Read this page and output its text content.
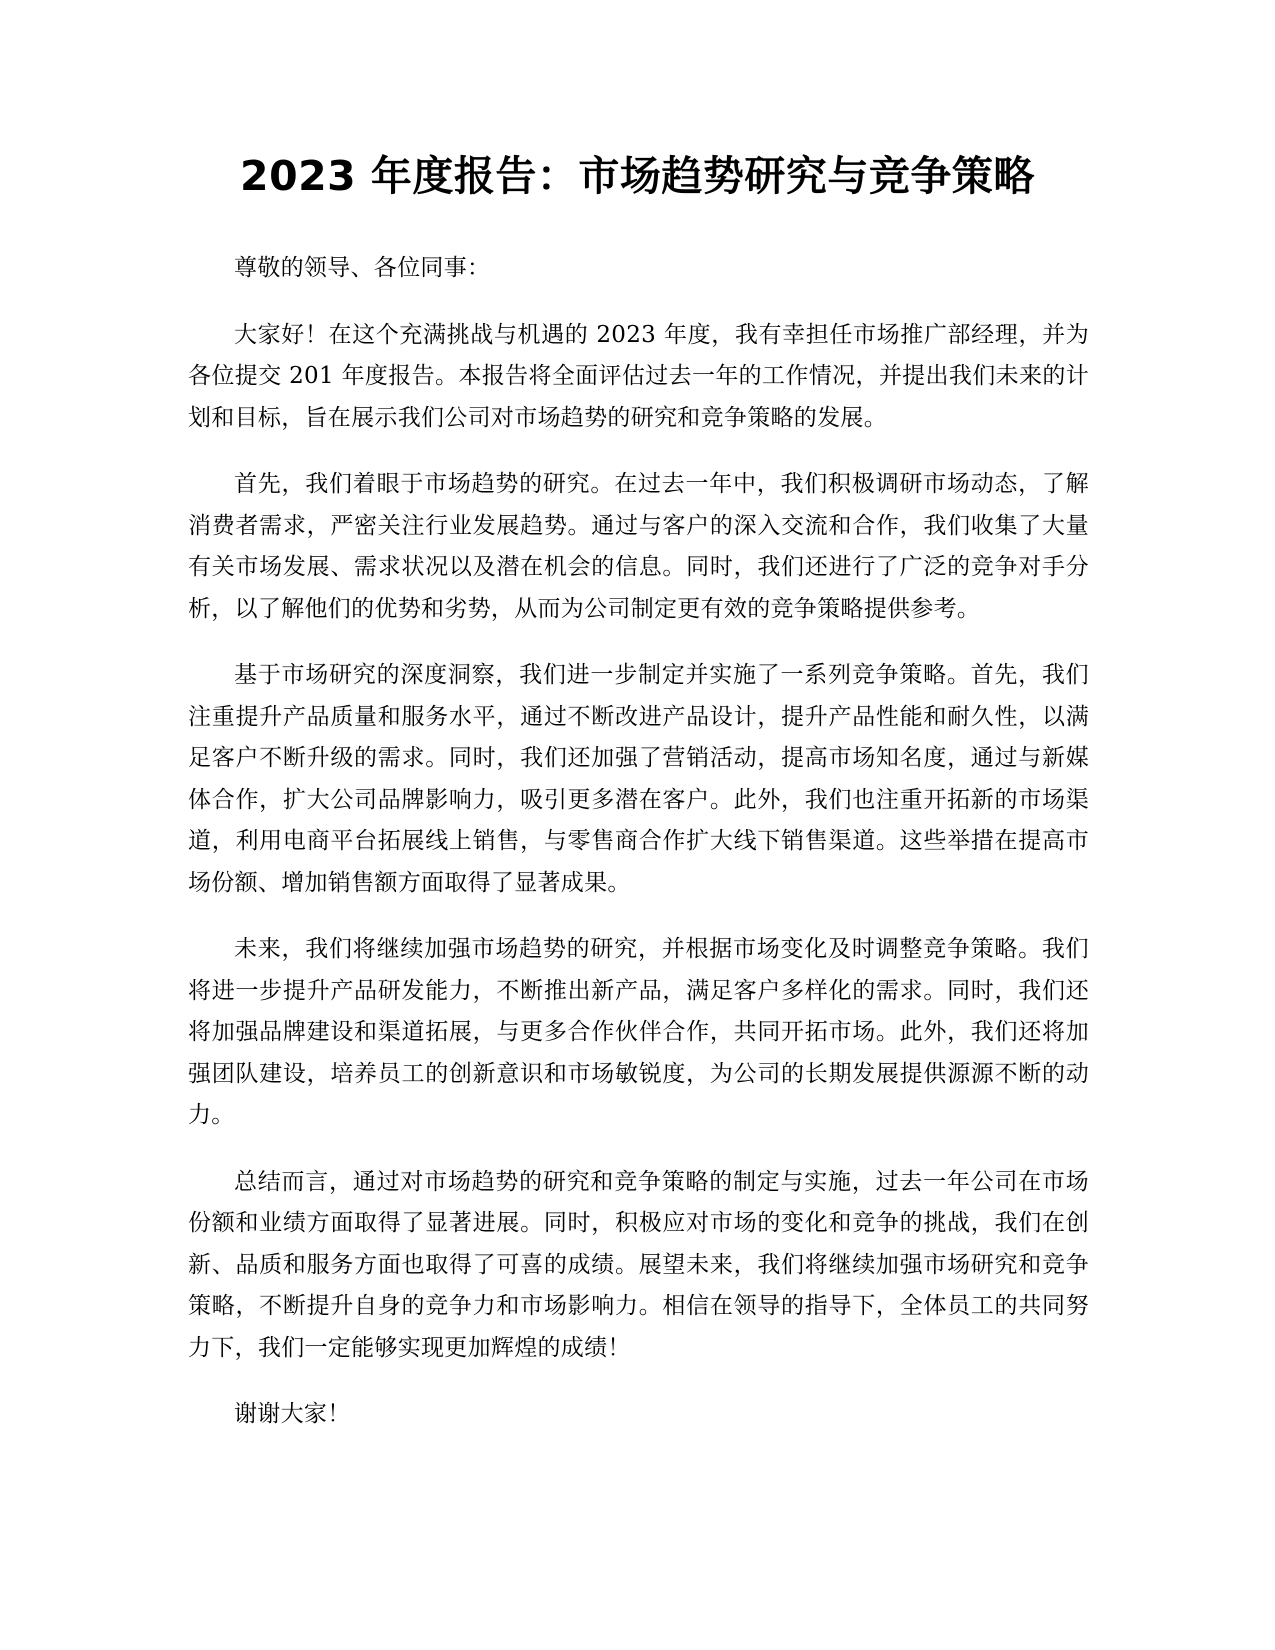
2023 年度报告：市场趋势研究与竞争策略

尊敬的领导、各位同事：

大家好！在这个充满挑战与机遇的 2023 年度，我有幸担任市场推广部经理，并为各位提交 201 年度报告。本报告将全面评估过去一年的工作情况，并提出我们未来的计划和目标，旨在展示我们公司对市场趋势的研究和竞争策略的发展。

首先，我们着眼于市场趋势的研究。在过去一年中，我们积极调研市场动态，了解消费者需求，严密关注行业发展趋势。通过与客户的深入交流和合作，我们收集了大量有关市场发展、需求状况以及潜在机会的信息。同时，我们还进行了广泛的竞争对手分析，以了解他们的优势和劣势，从而为公司制定更有效的竞争策略提供参考。

基于市场研究的深度洞察，我们进一步制定并实施了一系列竞争策略。首先，我们注重提升产品质量和服务水平，通过不断改进产品设计，提升产品性能和耐久性，以满足客户不断升级的需求。同时，我们还加强了营销活动，提高市场知名度，通过与新媒体合作，扩大公司品牌影响力，吸引更多潜在客户。此外，我们也注重开拓新的市场渠道，利用电商平台拓展线上销售，与零售商合作扩大线下销售渠道。这些举措在提高市场份额、增加销售额方面取得了显著成果。

未来，我们将继续加强市场趋势的研究，并根据市场变化及时调整竞争策略。我们将进一步提升产品研发能力，不断推出新产品，满足客户多样化的需求。同时，我们还将加强品牌建设和渠道拓展，与更多合作伙伴合作，共同开拓市场。此外，我们还将加强团队建设，培养员工的创新意识和市场敏锐度，为公司的长期发展提供源源不断的动力。

总结而言，通过对市场趋势的研究和竞争策略的制定与实施，过去一年公司在市场份额和业绩方面取得了显著进展。同时，积极应对市场的变化和竞争的挑战，我们在创新、品质和服务方面也取得了可喜的成绩。展望未来，我们将继续加强市场研究和竞争策略，不断提升自身的竞争力和市场影响力。相信在领导的指导下，全体员工的共同努力下，我们一定能够实现更加辉煌的成绩！

谢谢大家！
